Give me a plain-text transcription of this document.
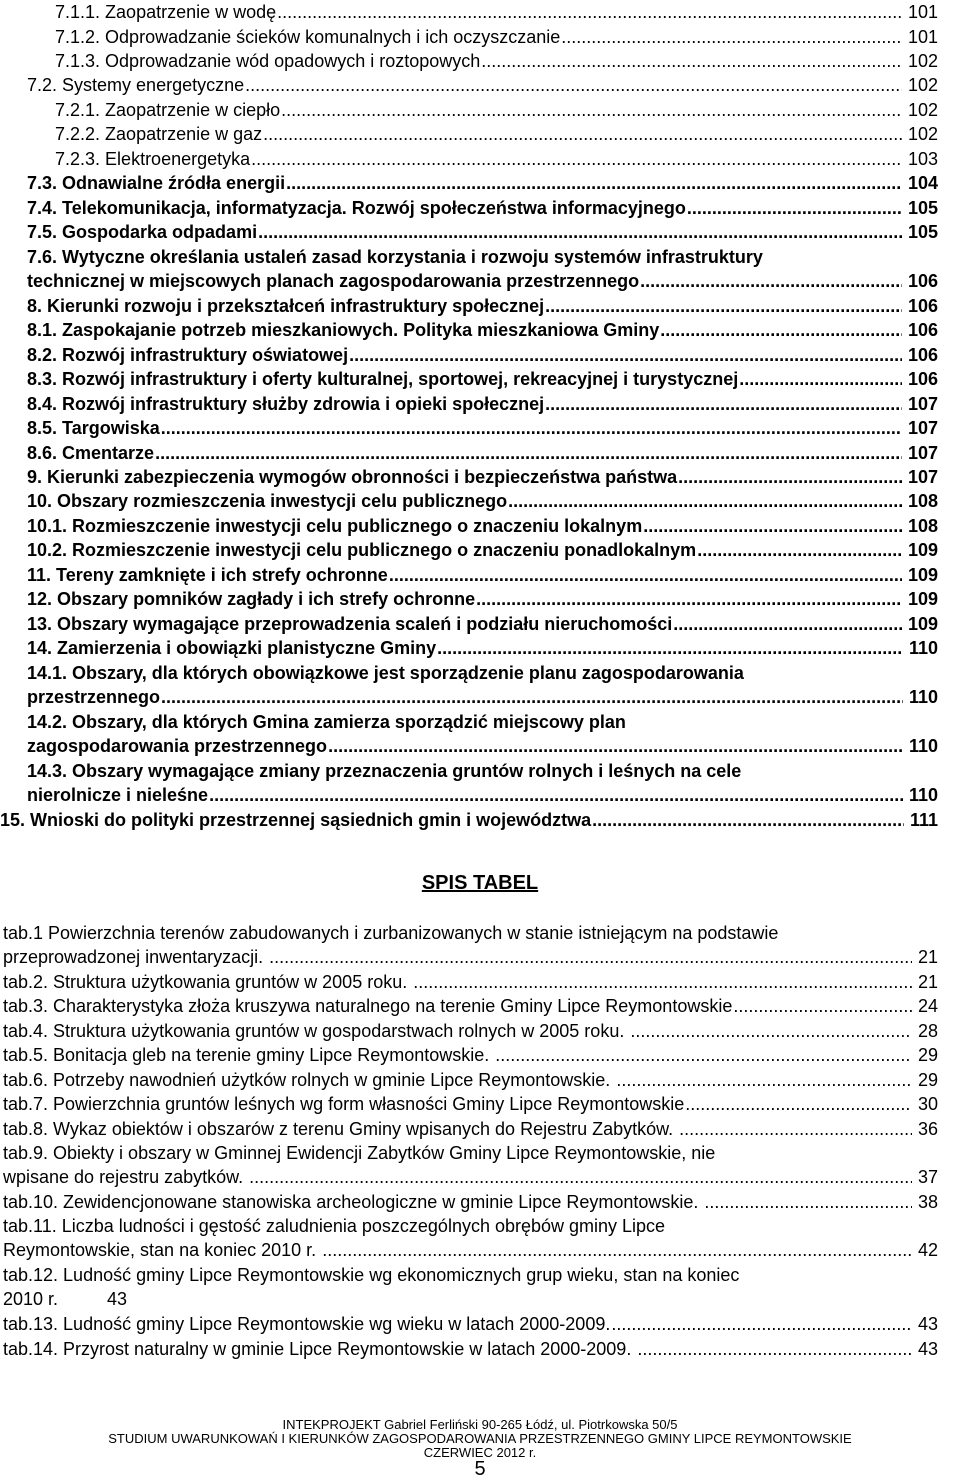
7.1.1. Zaopatrzenie w wodę .....	101
7.1.2. Odprowadzanie ścieków komunalnych i ich oczyszczanie .....	101
7.1.3. Odprowadzanie wód opadowych i roztopowych .....	102
7.2. Systemy energetyczne .....	102
7.2.1. Zaopatrzenie w ciepło .....	102
7.2.2. Zaopatrzenie w gaz .....	102
7.2.3. Elektroenergetyka .....	103
7.3. Odnawialne źródła energii .....	104
7.4. Telekomunikacja, informatyzacja. Rozwój społeczeństwa informacyjnego .....	105
7.5. Gospodarka odpadami .....	105
7.6. Wytyczne określania ustaleń zasad korzystania i rozwoju systemów infrastruktury
technicznej w miejscowych planach zagospodarowania przestrzennego .....	106
8. Kierunki rozwoju i przekształceń infrastruktury społecznej .....	106
8.1. Zaspokajanie potrzeb mieszkaniowych. Polityka mieszkaniowa Gminy .....	106
8.2. Rozwój infrastruktury oświatowej .....	106
8.3. Rozwój infrastruktury i oferty kulturalnej, sportowej, rekreacyjnej i turystycznej .....	106
8.4. Rozwój infrastruktury służby zdrowia i opieki społecznej .....	107
8.5. Targowiska .....	107
8.6. Cmentarze .....	107
9. Kierunki zabezpieczenia wymogów obronności i bezpieczeństwa państwa .....	107
10. Obszary rozmieszczenia inwestycji celu publicznego .....	108
10.1. Rozmieszczenie inwestycji celu publicznego o znaczeniu lokalnym .....	108
10.2. Rozmieszczenie inwestycji celu publicznego o znaczeniu ponadlokalnym .....	109
11. Tereny zamknięte i ich strefy ochronne .....	109
12. Obszary pomników zagłady i ich strefy ochronne .....	109
13. Obszary wymagające przeprowadzenia scaleń i podziału nieruchomości .....	109
14. Zamierzenia i obowiązki planistyczne Gminy .....	110
14.1. Obszary, dla których obowiązkowe jest sporządzenie planu zagospodarowania
przestrzennego .....	110
14.2. Obszary, dla których Gmina zamierza sporządzić miejscowy plan
zagospodarowania przestrzennego .....	110
14.3. Obszary wymagające zmiany przeznaczenia gruntów rolnych i leśnych na cele
nierolnicze i nieleśne .....	110
15. Wnioski do polityki przestrzennej sąsiednich gmin i województwa .....	111
SPIS TABEL
tab.1 Powierzchnia terenów zabudowanych i zurbanizowanych w stanie istniejącym na podstawie
przeprowadzonej inwentaryzacji. .....	21
tab.2. Struktura użytkowania gruntów w 2005 roku. .....	21
tab.3. Charakterystyka złoża kruszywa naturalnego na terenie Gminy Lipce Reymontowskie .....	24
tab.4. Struktura użytkowania gruntów w gospodarstwach rolnych w 2005 roku. .....	28
tab.5. Bonitacja gleb na terenie gminy Lipce Reymontowskie. .....	29
tab.6. Potrzeby nawodnień użytków rolnych w gminie Lipce Reymontowskie. .....	29
tab.7. Powierzchnia gruntów leśnych wg form własności Gminy Lipce Reymontowskie .....	30
tab.8. Wykaz obiektów i obszarów z terenu Gminy wpisanych do Rejestru Zabytków. .....	36
tab.9. Obiekty i obszary w Gminnej Ewidencji Zabytków Gminy Lipce Reymontowskie, nie
wpisane do rejestru zabytków. .....	37
tab.10. Zewidencjonowane stanowiska archeologiczne w gminie Lipce Reymontowskie. .....	38
tab.11. Liczba ludności i gęstość zaludnienia poszczególnych obrębów gminy Lipce
Reymontowskie, stan na koniec 2010 r. .....	42
tab.12. Ludność gminy Lipce Reymontowskie wg ekonomicznych grup wieku, stan na koniec
2010 r. 43
tab.13. Ludność gminy Lipce Reymontowskie wg wieku w latach 2000-2009. .....	43
tab.14. Przyrost naturalny w gminie Lipce Reymontowskie w latach 2000-2009. .....	43
INTEKPROJEKT Gabriel Ferliński 90-265 Łódź, ul. Piotrkowska 50/5
STUDIUM UWARUNKOWAŃ I KIERUNKÓW ZAGOSPODAROWANIA PRZESTRZENNEGO GMINY LIPCE REYMONTOWSKIE
CZERWIEC 2012 r.
5
